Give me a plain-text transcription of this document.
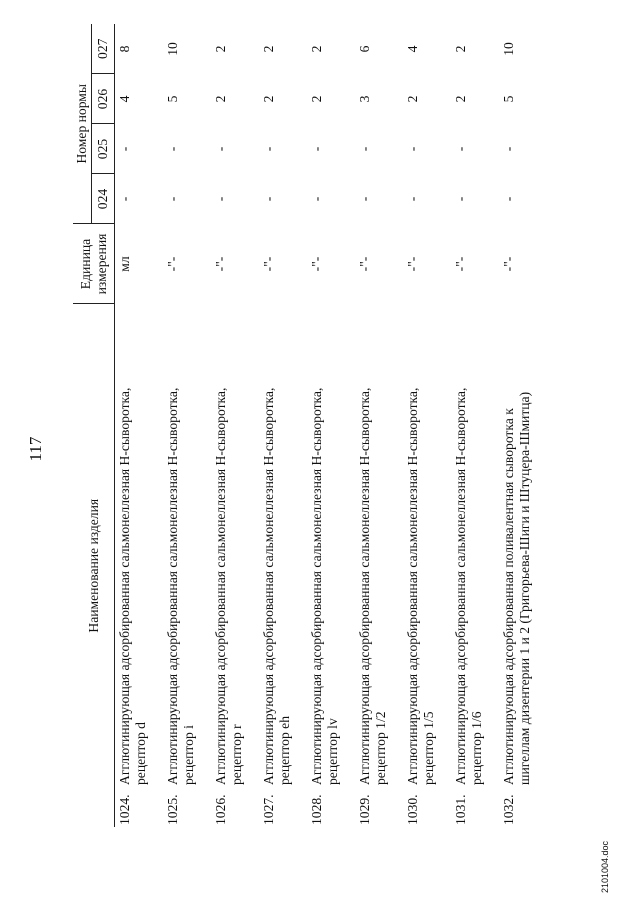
117
Наименование изделия		Единица измерения	Номер нормы			
			024	025	026	027
1024.	Агглютинирующая адсорбированная сальмонеллезная Н-сыворотка, рецептор d	мл	-	-	4	8
1025.	Агглютинирующая адсорбированная сальмонеллезная Н-сыворотка, рецептор i	-"-	-	-	5	10
1026.	Агглютинирующая адсорбированная сальмонеллезная Н-сыворотка, рецептор r	-"-	-	-	2	2
1027.	Агглютинирующая адсорбированная сальмонеллезная Н-сыворотка, рецептор eh	-"-	-	-	2	2
1028.	Агглютинирующая адсорбированная сальмонеллезная Н-сыворотка, рецептор lv	-"-	-	-	2	2
1029.	Агглютинирующая адсорбированная сальмонеллезная Н-сыворотка, рецептор 1/2	-"-	-	-	3	6
1030.	Агглютинирующая адсорбированная сальмонеллезная Н-сыворотка, рецептор 1/5	-"-	-	-	2	4
1031.	Агглютинирующая адсорбированная сальмонеллезная Н-сыворотка, рецептор 1/6	-"-	-	-	2	2
1032.	Агглютинирующая адсорбированная поливалентная сыворотка к шигеллам дизентерии 1 и 2 (Григорьева-Шиги и Штуцера-Шмитца)	-"-	-	-	5	10
2101004.doc
